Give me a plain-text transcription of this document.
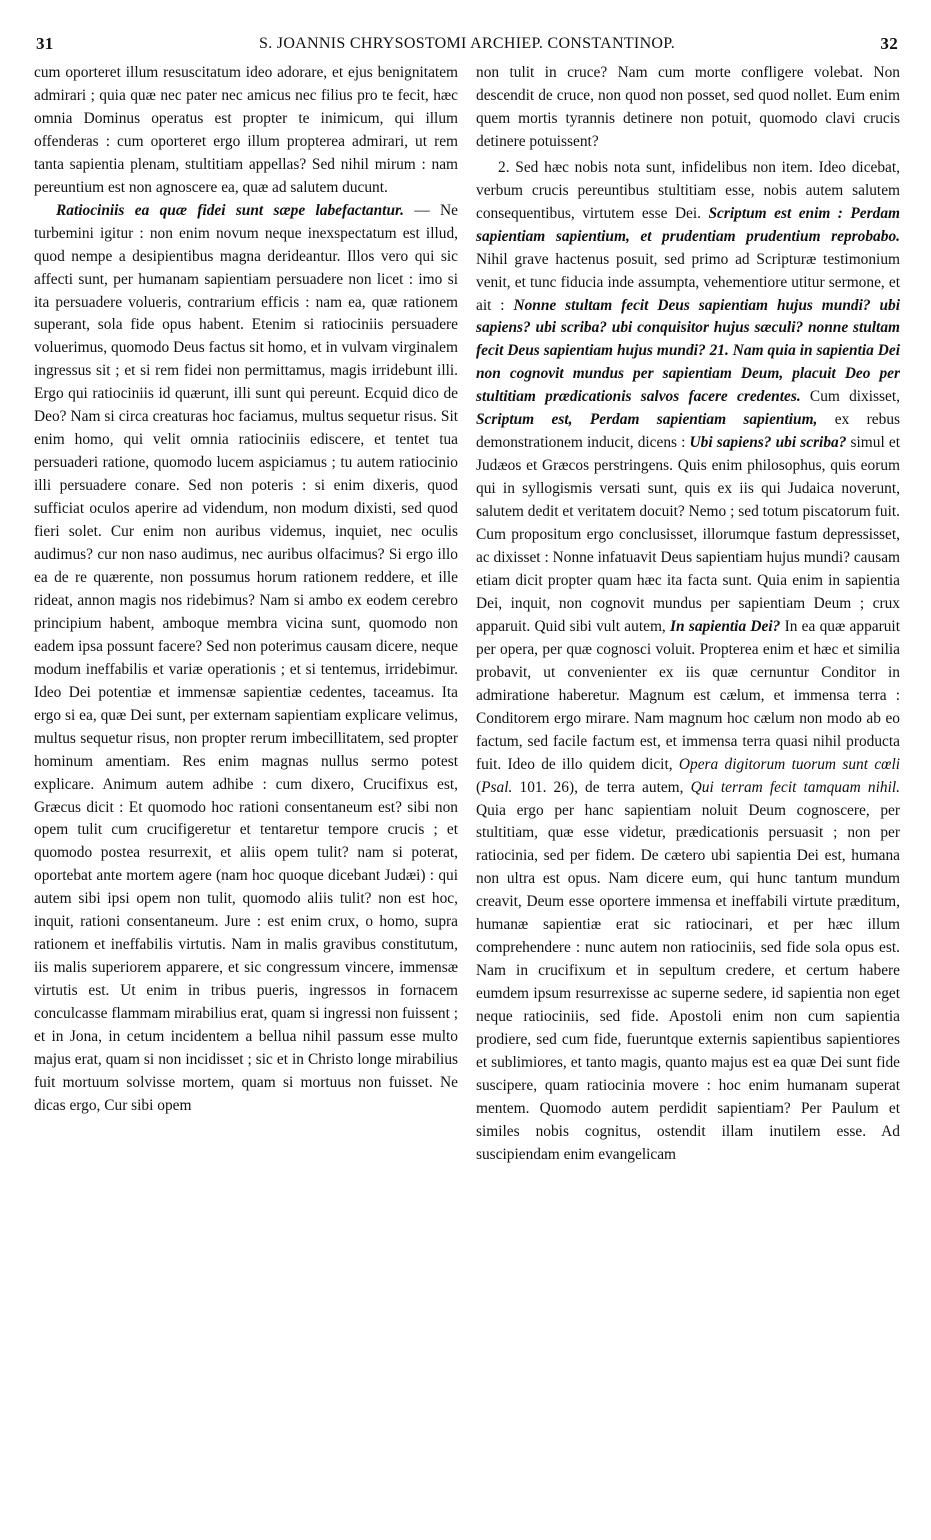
31	S. JOANNIS CHRYSOSTOMI ARCHIEP. CONSTANTINOP.	32

cum oporteret illum resuscitatum ideo adorare, et ejus benignitatem admirari ; quia quæ nec pater nec amicus nec filius pro te fecit, hæc omnia Dominus operatus est propter te inimicum, qui illum offenderas : cum oporteret ergo illum propterea admirari, ut rem tanta sapientia plenam, stultitiam appellas? Sed nihil mirum : nam pereuntium est non agnoscere ea, quæ ad salutem ducunt.

Ratiociniis ea quæ fidei sunt sæpe labefactantur. — Ne turbemini igitur : non enim novum neque inexspectatum est illud, quod nempe a desipientibus magna derideantur. Illos vero qui sic affecti sunt, per humanam sapientiam persuadere non licet : imo si ita persuadere volueris, contrarium efficis : nam ea, quæ rationem superant, sola fide opus habent. Etenim si ratiociniis persuadere voluerimus, quomodo Deus factus sit homo, et in vulvam virginalem ingressus sit ; et si rem fidei non permittamus, magis irridebunt illi. Ergo qui ratiociniis id quærunt, illi sunt qui pereunt. Ecquid dico de Deo? Nam si circa creaturas hoc faciamus, multus sequetur risus. Sit enim homo, qui velit omnia ratiociniis ediscere, et tentet tua persuaderi ratione, quomodo lucem aspiciamus ; tu autem ratiocinio illi persuadere conare. Sed non poteris : si enim dixeris, quod sufficiat oculos aperire ad videndum, non modum dixisti, sed quod fieri solet. Cur enim non auribus videmus, inquiet, nec oculis audimus? cur non naso audimus, nec auribus olfacimus? Si ergo illo ea de re quærente, non possumus horum rationem reddere, et ille rideat, annon magis nos ridebimus? Nam si ambo ex eodem cerebro principium habent, amboque membra vicina sunt, quomodo non eadem ipsa possunt facere? Sed non poterimus causam dicere, neque modum ineffabilis et variæ operationis ; et si tentemus, irridebimur. Ideo Dei potentiæ et immensæ sapientiæ cedentes, taceamus. Ita ergo si ea, quæ Dei sunt, per externam sapientiam explicare velimus, multus sequetur risus, non propter rerum imbecillitatem, sed propter hominum amentiam. Res enim magnas nullus sermo potest explicare. Animum autem adhibe : cum dixero, Crucifixus est, Græcus dicit : Et quomodo hoc rationi consentaneum est? sibi non opem tulit cum crucifigeretur et tentaretur tempore crucis ; et quomodo postea resurrexit, et aliis opem tulit? nam si poterat, oportebat ante mortem agere (nam hoc quoque dicebant Judæi) : qui autem sibi ipsi opem non tulit, quomodo aliis tulit? non est hoc, inquit, rationi consentaneum. Jure : est enim crux, o homo, supra rationem et ineffabilis virtutis. Nam in malis gravibus constitutum, iis malis superiorem apparere, et sic congressum vincere, immensæ virtutis est. Ut enim in tribus pueris, ingressos in fornacem conculcasse flammam mirabilius erat, quam si ingressi non fuissent ; et in Jona, in cetum incidentem a bellua nihil passum esse multo majus erat, quam si non incidisset ; sic et in Christo longe mirabilius fuit mortuum solvisse mortem, quam si mortuus non fuisset. Ne dicas ergo, Cur sibi opem

non tulit in cruce? Nam cum morte confligere volebat. Non descendit de cruce, non quod non posset, sed quod nollet. Eum enim quem mortis tyrannis detinere non potuit, quomodo clavi crucis detinere potuissent?

2. Sed hæc nobis nota sunt, infidelibus non item. Ideo dicebat, verbum crucis pereuntibus stultitiam esse, nobis autem salutem consequentibus, virtutem esse Dei. Scriptum est enim : Perdam sapientiam sapientium, et prudentiam prudentium reprobabo. Nihil grave hactenus posuit, sed primo ad Scripturæ testimonium venit, et tunc fiducia inde assumpta, vehementiore utitur sermone, et ait : Nonne stultam fecit Deus sapientiam hujus mundi? ubi sapiens? ubi scriba? ubi conquisitor hujus sæculi? nonne stultam fecit Deus sapientiam hujus mundi? 21. Nam quia in sapientia Dei non cognovit mundus per sapientiam Deum, placuit Deo per stultitiam prædicationis salvos facere credentes. Cum dixisset, Scriptum est, Perdam sapientiam sapientium, ex rebus demonstrationem inducit, dicens : Ubi sapiens? ubi scriba? simul et Judæos et Græcos perstringens. Quis enim philosophus, quis eorum qui in syllogismis versati sunt, quis ex iis qui Judaica noverunt, salutem dedit et veritatem docuit? Nemo ; sed totum piscatorum fuit. Cum propositum ergo conclusisset, illorumque fastum depressisset, ac dixisset : Nonne infatuavit Deus sapientiam hujus mundi? causam etiam dicit propter quam hæc ita facta sunt. Quia enim in sapientia Dei, inquit, non cognovit mundus per sapientiam Deum ; crux apparuit. Quid sibi vult autem, In sapientia Dei? In ea quæ apparuit per opera, per quæ cognosci voluit. Propterea enim et hæc et similia probavit, ut convenienter ex iis quæ cernuntur Conditor in admiratione haberetur. Magnum est cælum, et immensa terra : Conditorem ergo mirare. Nam magnum hoc cælum non modo ab eo factum, sed facile factum est, et immensa terra quasi nihil producta fuit. Ideo de illo quidem dicit, Opera digitorum tuorum sunt cœli (Psal. 101. 26), de terra autem, Qui terram fecit tamquam nihil. Quia ergo per hanc sapientiam noluit Deum cognoscere, per stultitiam, quæ esse videtur, prædicationis persuasit ; non per ratiocinia, sed per fidem. De cætero ubi sapientia Dei est, humana non ultra est opus. Nam dicere eum, qui hunc tantum mundum creavit, Deum esse oportere immensa et ineffabili virtute præditum, humanæ sapientiæ erat sic ratiocinari, et per hæc illum comprehendere : nunc autem non ratiociniis, sed fide sola opus est. Nam in crucifixum et in sepultum credere, et certum habere eumdem ipsum resurrexisse ac superne sedere, id sapientia non eget neque ratiociniis, sed fide. Apostoli enim non cum sapientia prodiere, sed cum fide, fueruntque externis sapientibus sapientiores et sublimiores, et tanto magis, quanto majus est ea quæ Dei sunt fide suscipere, quam ratiocinia movere : hoc enim humanam superat mentem. Quomodo autem perdidit sapientiam? Per Paulum et similes nobis cognitus, ostendit illam inutilem esse. Ad suscipiendam enim evangelicam
